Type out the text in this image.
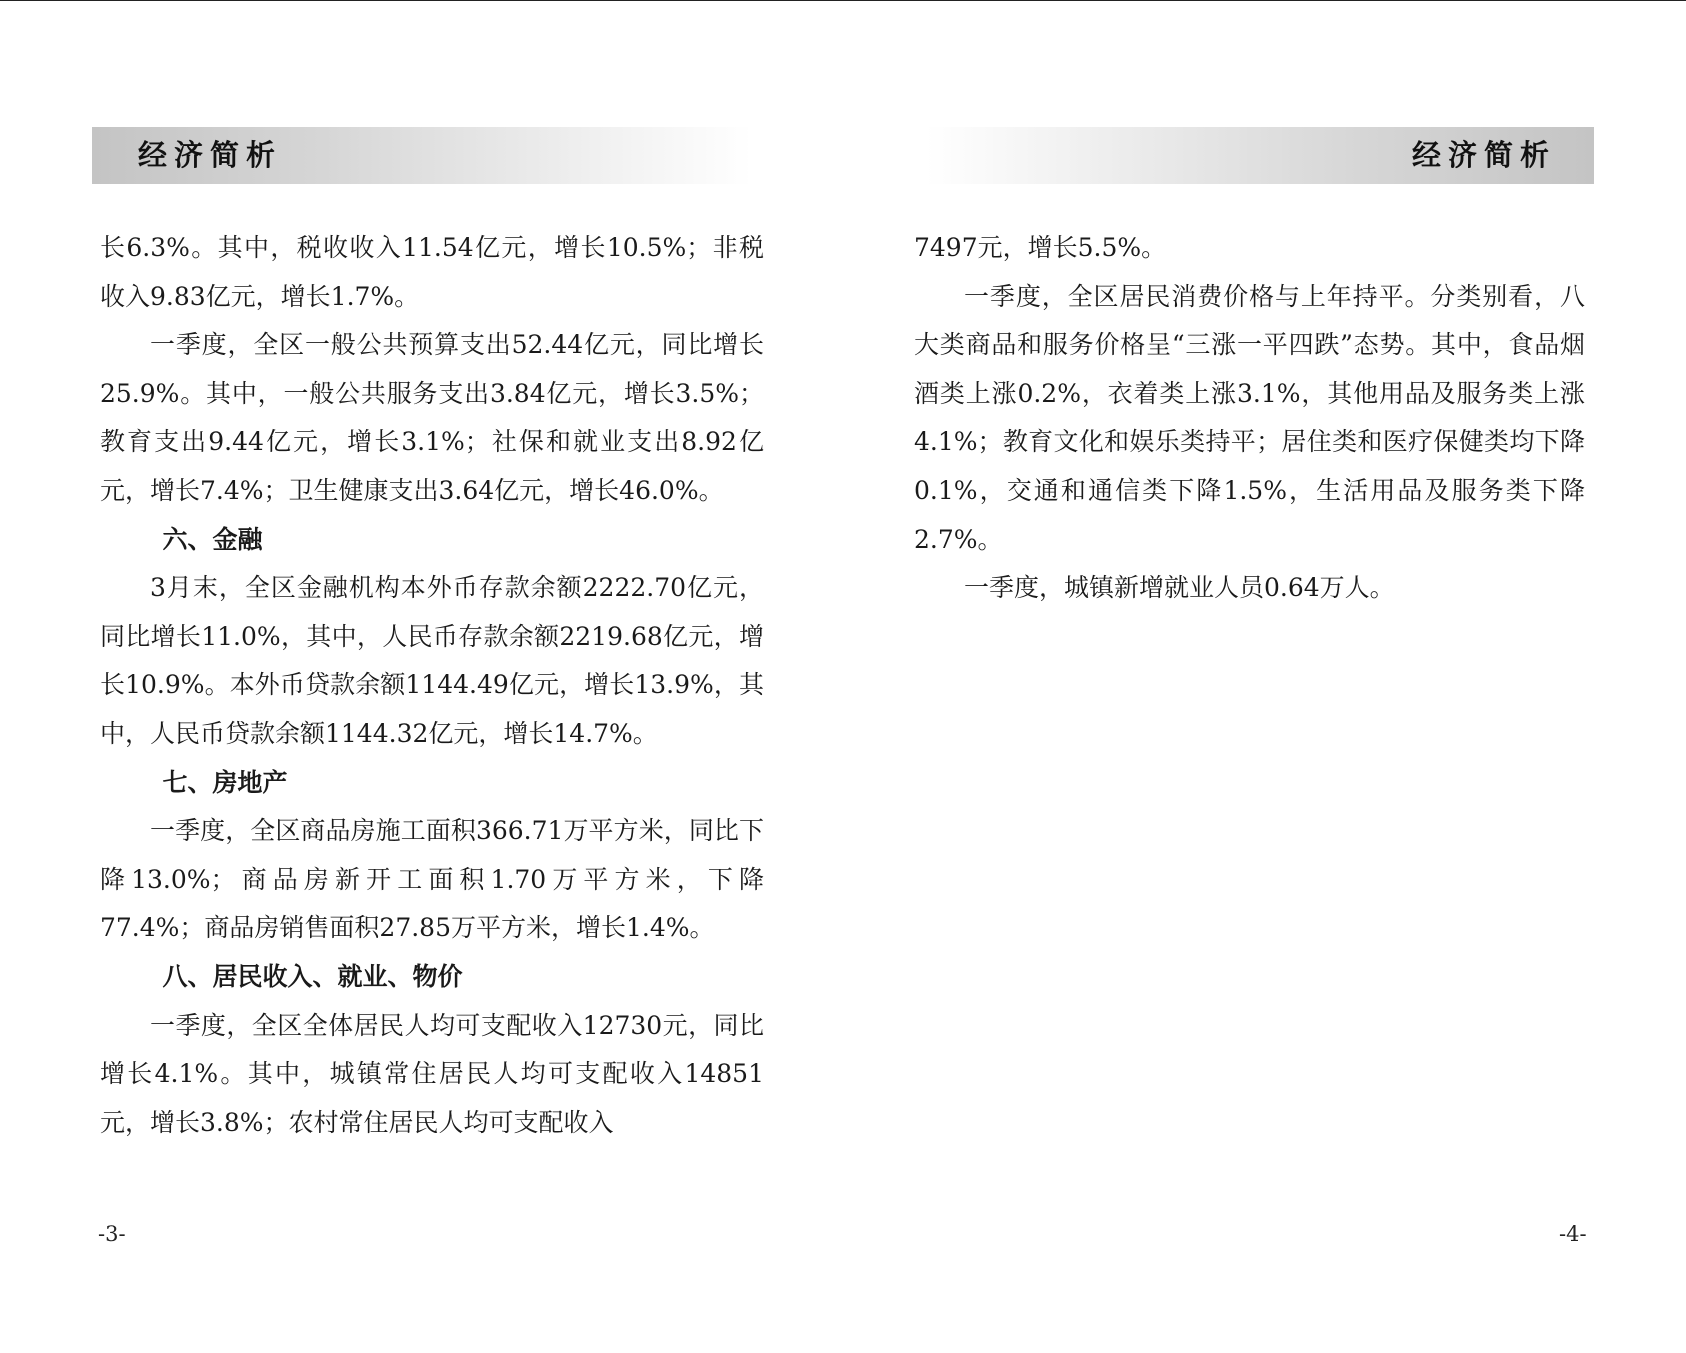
经济简析

长6.3%。其中，税收收入11.54亿元，增长10.5%；非税收入9.83亿元，增长1.7%。

一季度，全区一般公共预算支出52.44亿元，同比增长25.9%。其中，一般公共服务支出3.84亿元，增长3.5%；教育支出9.44亿元，增长3.1%；社保和就业支出8.92亿元，增长7.4%；卫生健康支出3.64亿元，增长46.0%。

六、金融

3月末，全区金融机构本外币存款余额2222.70亿元，同比增长11.0%，其中，人民币存款余额2219.68亿元，增长10.9%。本外币贷款余额1144.49亿元，增长13.9%，其中，人民币贷款余额1144.32亿元，增长14.7%。

七、房地产

一季度，全区商品房施工面积366.71万平方米，同比下降13.0%；商品房新开工面积1.70万平方米，下降77.4%；商品房销售面积27.85万平方米，增长1.4%。

八、居民收入、就业、物价

一季度，全区全体居民人均可支配收入12730元，同比增长4.1%。其中，城镇常住居民人均可支配收入14851元，增长3.8%；农村常住居民人均可支配收入

-3-
经济简析

7497元，增长5.5%。

一季度，全区居民消费价格与上年持平。分类别看，八大类商品和服务价格呈“三涨一平四跌”态势。其中，食品烟酒类上涨0.2%，衣着类上涨3.1%，其他用品及服务类上涨4.1%；教育文化和娱乐类持平；居住类和医疗保健类均下降0.1%，交通和通信类下降1.5%，生活用品及服务类下降2.7%。

一季度，城镇新增就业人员0.64万人。

-4-
